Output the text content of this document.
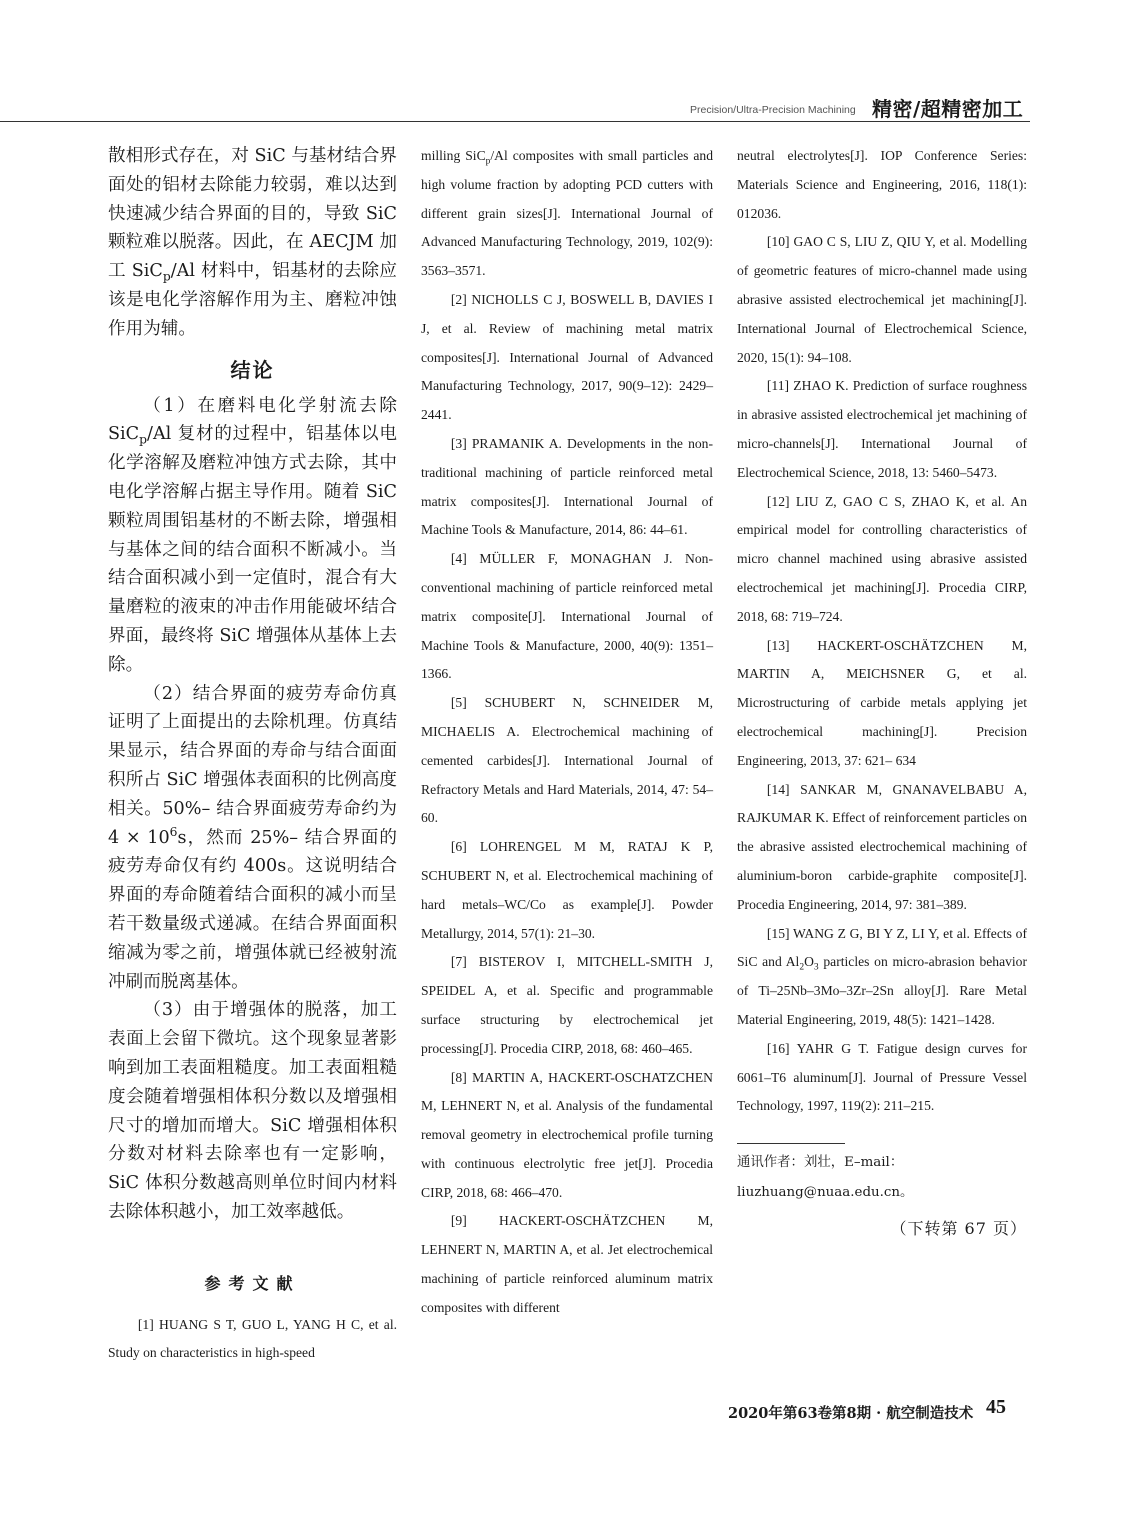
Precision/Ultra-Precision Machining 精密/超精密加工

散相形式存在，对 SiC 与基材结合界面处的铝材去除能力较弱，难以达到快速减少结合界面的目的，导致 SiC 颗粒难以脱落。因此，在 AECJM 加工 SiC$_p$/Al 材料中，铝基材的去除应该是电化学溶解作用为主、磨粒冲蚀作用为辅。

结论

（1）在磨料电化学射流去除 SiC$_p$/Al 复材的过程中，铝基体以电化学溶解及磨粒冲蚀方式去除，其中电化学溶解占据主导作用。随着 SiC 颗粒周围铝基材的不断去除，增强相与基体之间的结合面积不断减小。当结合面积减小到一定值时，混合有大量磨粒的液束的冲击作用能破坏结合界面，最终将 SiC 增强体从基体上去除。

（2）结合界面的疲劳寿命仿真证明了上面提出的去除机理。仿真结果显示，结合界面的寿命与结合面面积所占 SiC 增强体表面积的比例高度相关。50%– 结合界面疲劳寿命约为 $4 \times 10^6s$，然而 25%– 结合界面的疲劳寿命仅有约 400s。这说明结合界面的寿命随着结合面积的减小而呈若干数量级式递减。在结合界面面积缩减为零之前，增强体就已经被射流冲刷而脱离基体。

（3）由于增强体的脱落，加工表面上会留下微坑。这个现象显著影响到加工表面粗糙度。加工表面粗糙度会随着增强相体积分数以及增强相尺寸的增加而增大。SiC 增强相体积分数对材料去除率也有一定影响，SiC 体积分数越高则单位时间内材料去除体积越小，加工效率越低。

参考文献

[1] HUANG S T, GUO L, YANG H C, et al. Study on characteristics in high-speed

milling SiC$_p$/Al composites with small particles and high volume fraction by adopting PCD cutters with different grain sizes[J]. International Journal of Advanced Manufacturing Technology, 2019, 102(9): 3563–3571.

[2] NICHOLLS C J, BOSWELL B, DAVIES I J, et al. Review of machining metal matrix composites[J]. International Journal of Advanced Manufacturing Technology, 2017, 90(9–12): 2429–2441.

[3] PRAMANIK A. Developments in the non-traditional machining of particle reinforced metal matrix composites[J]. International Journal of Machine Tools & Manufacture, 2014, 86: 44–61.

[4] MÜLLER F, MONAGHAN J. Non-conventional machining of particle reinforced metal matrix composite[J]. International Journal of Machine Tools & Manufacture, 2000, 40(9): 1351–1366.

[5] SCHUBERT N, SCHNEIDER M, MICHAELIS A. Electrochemical machining of cemented carbides[J]. International Journal of Refractory Metals and Hard Materials, 2014, 47: 54–60.

[6] LOHRENGEL M M, RATAJ K P, SCHUBERT N, et al. Electrochemical machining of hard metals–WC/Co as example[J]. Powder Metallurgy, 2014, 57(1): 21–30.

[7] BISTEROV I, MITCHELL-SMITH J, SPEIDEL A, et al. Specific and programmable surface structuring by electrochemical jet processing[J]. Procedia CIRP, 2018, 68: 460–465.

[8] MARTIN A, HACKERT-OSCHATZCHEN M, LEHNERT N, et al. Analysis of the fundamental removal geometry in electrochemical profile turning with continuous electrolytic free jet[J]. Procedia CIRP, 2018, 68: 466–470.

[9] HACKERT-OSCHÄTZCHEN M, LEHNERT N, MARTIN A, et al. Jet electrochemical machining of particle reinforced aluminum matrix composites with different

neutral electrolytes[J]. IOP Conference Series: Materials Science and Engineering, 2016, 118(1): 012036.

[10] GAO C S, LIU Z, QIU Y, et al. Modelling of geometric features of micro-channel made using abrasive assisted electrochemical jet machining[J]. International Journal of Electrochemical Science, 2020, 15(1): 94–108.

[11] ZHAO K. Prediction of surface roughness in abrasive assisted electrochemical jet machining of micro-channels[J]. International Journal of Electrochemical Science, 2018, 13: 5460–5473.

[12] LIU Z, GAO C S, ZHAO K, et al. An empirical model for controlling characteristics of micro channel machined using abrasive assisted electrochemical jet machining[J]. Procedia CIRP, 2018, 68: 719–724.

[13] HACKERT-OSCHÄTZCHEN M, MARTIN A, MEICHSNER G, et al. Microstructuring of carbide metals applying jet electrochemical machining[J]. Precision Engineering, 2013, 37: 621– 634

[14] SANKAR M, GNANAVELBABU A, RAJKUMAR K. Effect of reinforcement particles on the abrasive assisted electrochemical machining of aluminium-boron carbide-graphite composite[J]. Procedia Engineering, 2014, 97: 381–389.

[15] WANG Z G, BI Y Z, LI Y, et al. Effects of SiC and $Al_2O_3$ particles on micro-abrasion behavior of Ti–25Nb–3Mo–3Zr–2Sn alloy[J]. Rare Metal Material Engineering, 2019, 48(5): 1421–1428.

[16] YAHR G T. Fatigue design curves for 6061–T6 aluminum[J]. Journal of Pressure Vessel Technology, 1997, 119(2): 211–215.

通讯作者：刘壮，E–mail：liuzhuang@nuaa.edu.cn。

（下转第 67 页）

2020年第63卷第8期 · 航空制造技术 45
